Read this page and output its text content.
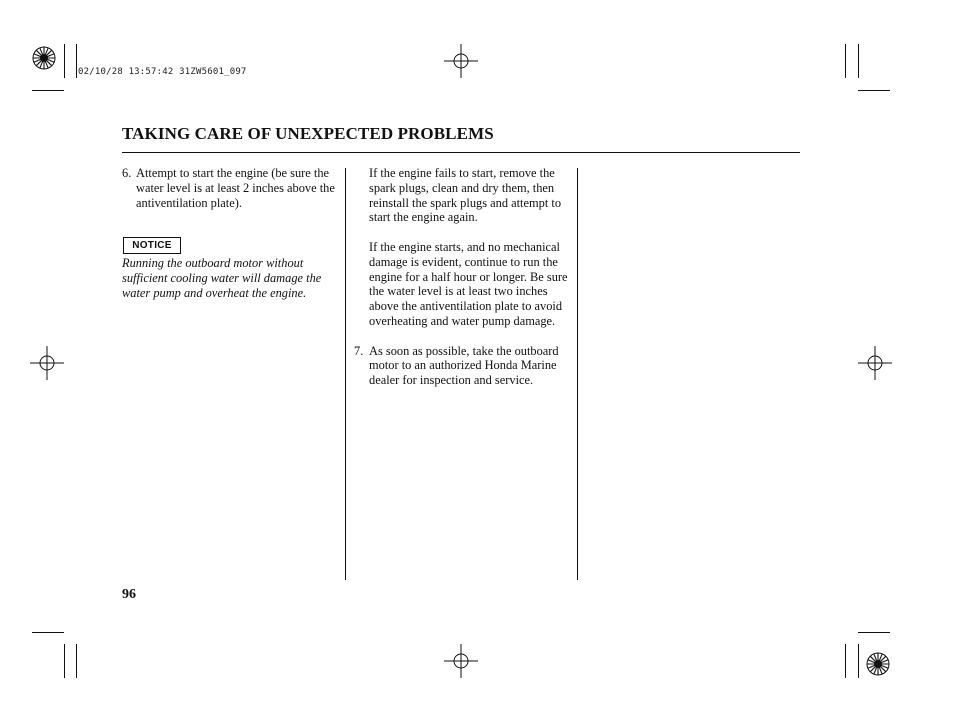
02/10/28 13:57:42 31ZW5601_097
TAKING CARE OF UNEXPECTED PROBLEMS
6. Attempt to start the engine (be sure the water level is at least 2 inches above the antiventilation plate).
NOTICE
Running the outboard motor without sufficient cooling water will damage the water pump and overheat the engine.
If the engine fails to start, remove the spark plugs, clean and dry them, then reinstall the spark plugs and attempt to start the engine again.
If the engine starts, and no mechanical damage is evident, continue to run the engine for a half hour or longer. Be sure the water level is at least two inches above the antiventilation plate to avoid overheating and water pump damage.
7. As soon as possible, take the outboard motor to an authorized Honda Marine dealer for inspection and service.
96
